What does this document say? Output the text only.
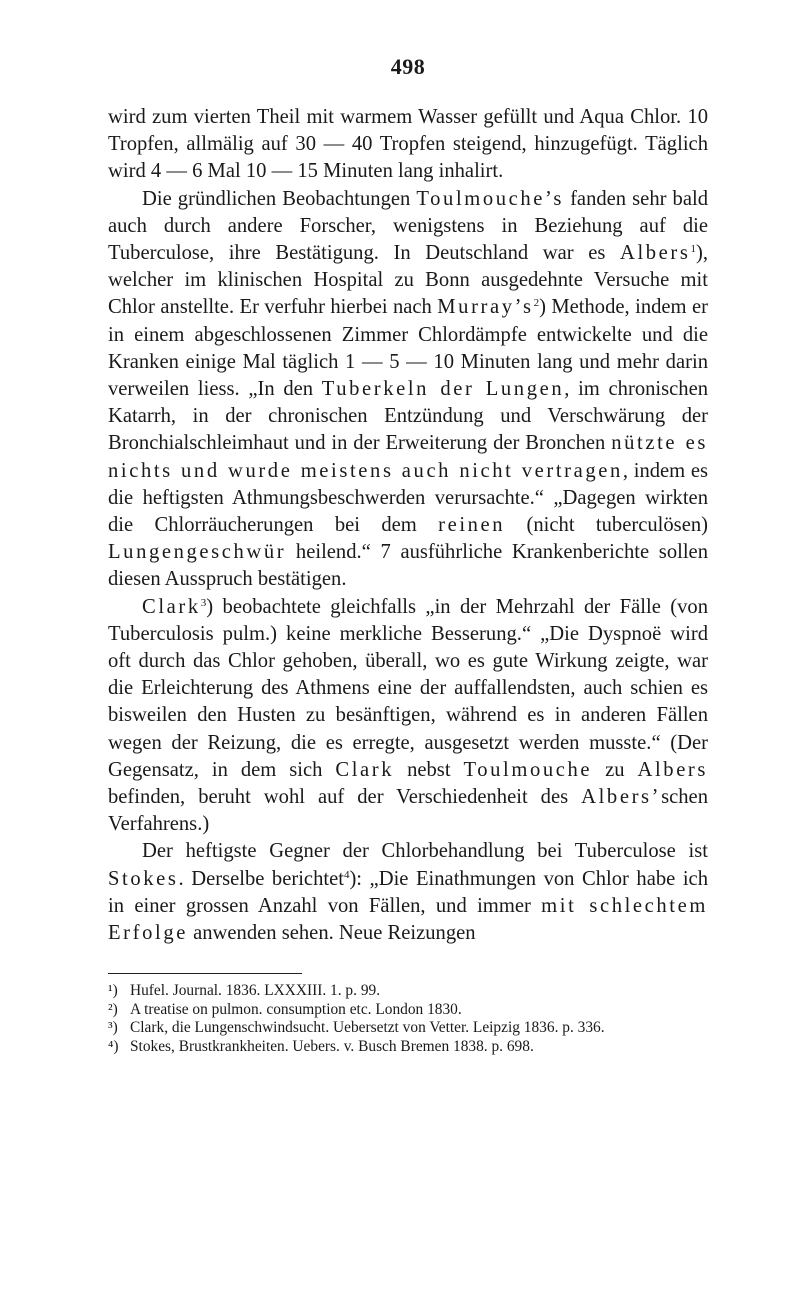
498

wird zum vierten Theil mit warmem Wasser gefüllt und Aqua Chlor. 10 Tropfen, allmälig auf 30 — 40 Tropfen steigend, hinzugefügt. Täglich wird 4 — 6 Mal 10 — 15 Minuten lang inhalirt.

Die gründlichen Beobachtungen Toulmouche’s fanden sehr bald auch durch andere Forscher, wenigstens in Beziehung auf die Tuberculose, ihre Bestätigung. In Deutschland war es Albers$^1$), welcher im klinischen Hospital zu Bonn ausgedehnte Versuche mit Chlor anstellte. Er verfuhr hierbei nach $Murray’s^2$) Methode, indem er in einem abgeschlossenen Zimmer Chlordämpfe entwickelte und die Kranken einige Mal täglich 1 — 5 — 10 Minuten lang und mehr darin verweilen liess. „In den Tuberkeln der Lungen, im chronischen Katarrh, in der chronischen Entzündung und Verschwärung der Bronchialschleimhaut und in der Erweiterung der Bronchen nützte es nichts und wurde meistens auch nicht vertragen, indem es die heftigsten Athmungsbeschwerden verursachte.“ „Dagegen wirkten die Chlorräucherungen bei dem reinen (nicht tuberculösen) Lungengeschwür heilend.“ 7 ausführliche Krankenberichte sollen diesen Ausspruch bestätigen.

Clark$^3$) beobachtete gleichfalls „in der Mehrzahl der Fälle (von Tuberculosis pulm.) keine merkliche Besserung.“ „Die Dyspnoë wird oft durch das Chlor gehoben, überall, wo es gute Wirkung zeigte, war die Erleichterung des Athmens eine der auffallendsten, auch schien es bisweilen den Husten zu besänftigen, während es in anderen Fällen wegen der Reizung, die es erregte, ausgesetzt werden musste.“ (Der Gegensatz, in dem sich Clark nebst Toulmouche zu Albers befinden, beruht wohl auf der Verschiedenheit des Albers’schen Verfahrens.)

Der heftigste Gegner der Chlorbehandlung bei Tuberculose ist Stokes. Derselbe berichtet$^4$): „Die Einathmungen von Chlor habe ich in einer grossen Anzahl von Fällen, und immer mit schlechtem Erfolge anwenden sehen. Neue Reizungen

¹) Hufel. Journal. 1836. LXXXIII. 1. p. 99.

²) A treatise on pulmon. consumption etc. London 1830.

³) Clark, die Lungenschwindsucht. Uebersetzt von Vetter. Leipzig 1836. p. 336.

⁴) Stokes, Brustkrankheiten. Uebers. v. Busch Bremen 1838. p. 698.
